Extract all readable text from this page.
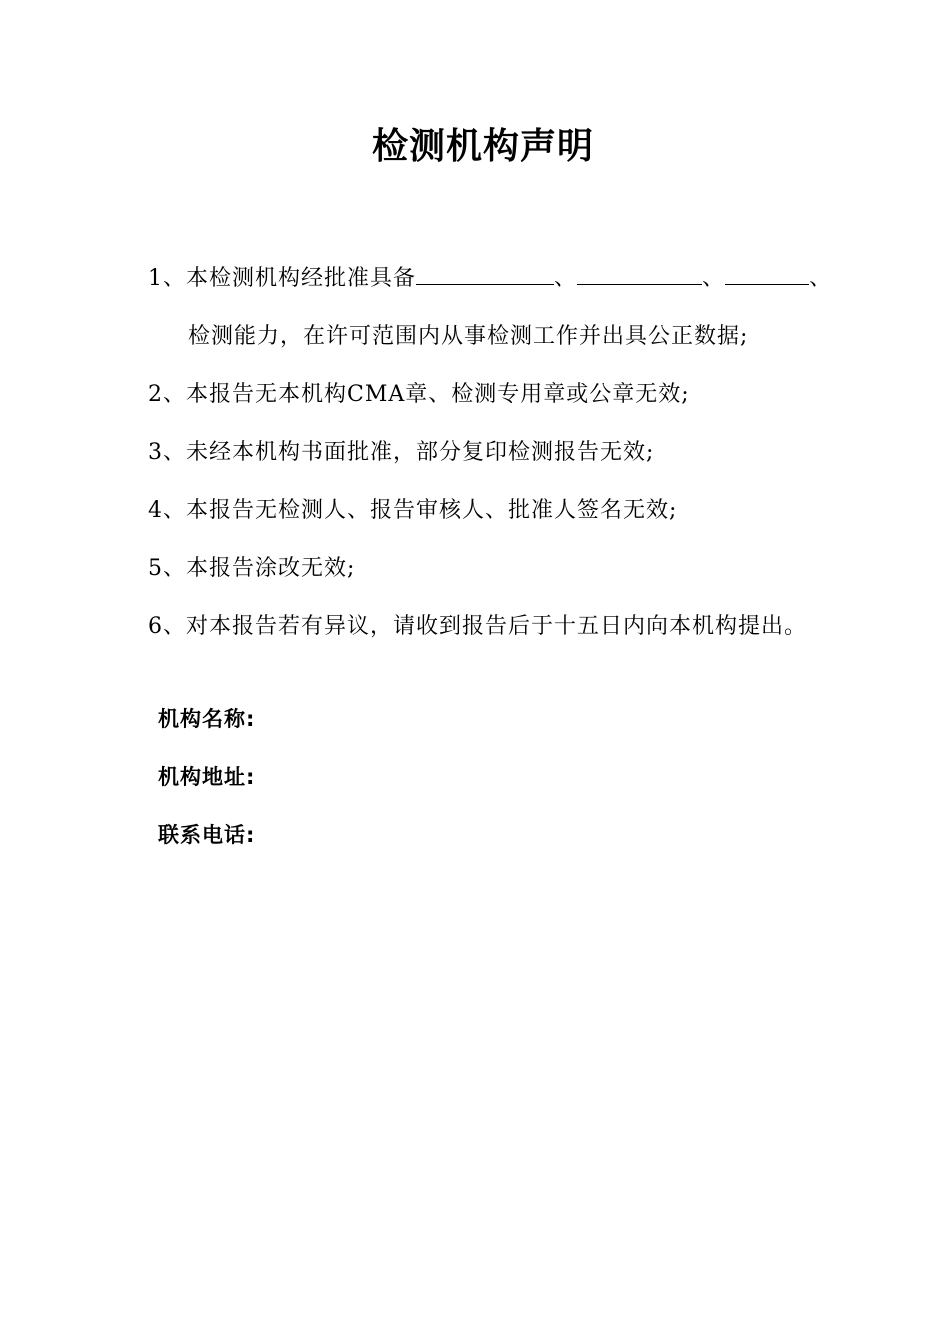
检测机构声明
1、本检测机构经批准具备	、	、	、
检测能力，在许可范围内从事检测工作并出具公正数据;
2、本报告无本机构CMA章、检测专用章或公章无效;
3、未经本机构书面批准，部分复印检测报告无效;
4、本报告无检测人、报告审核人、批准人签名无效;
5、本报告涂改无效;
6、对本报告若有异议，请收到报告后于十五日内向本机构提出。
机构名称:
机构地址:
联系电话:
